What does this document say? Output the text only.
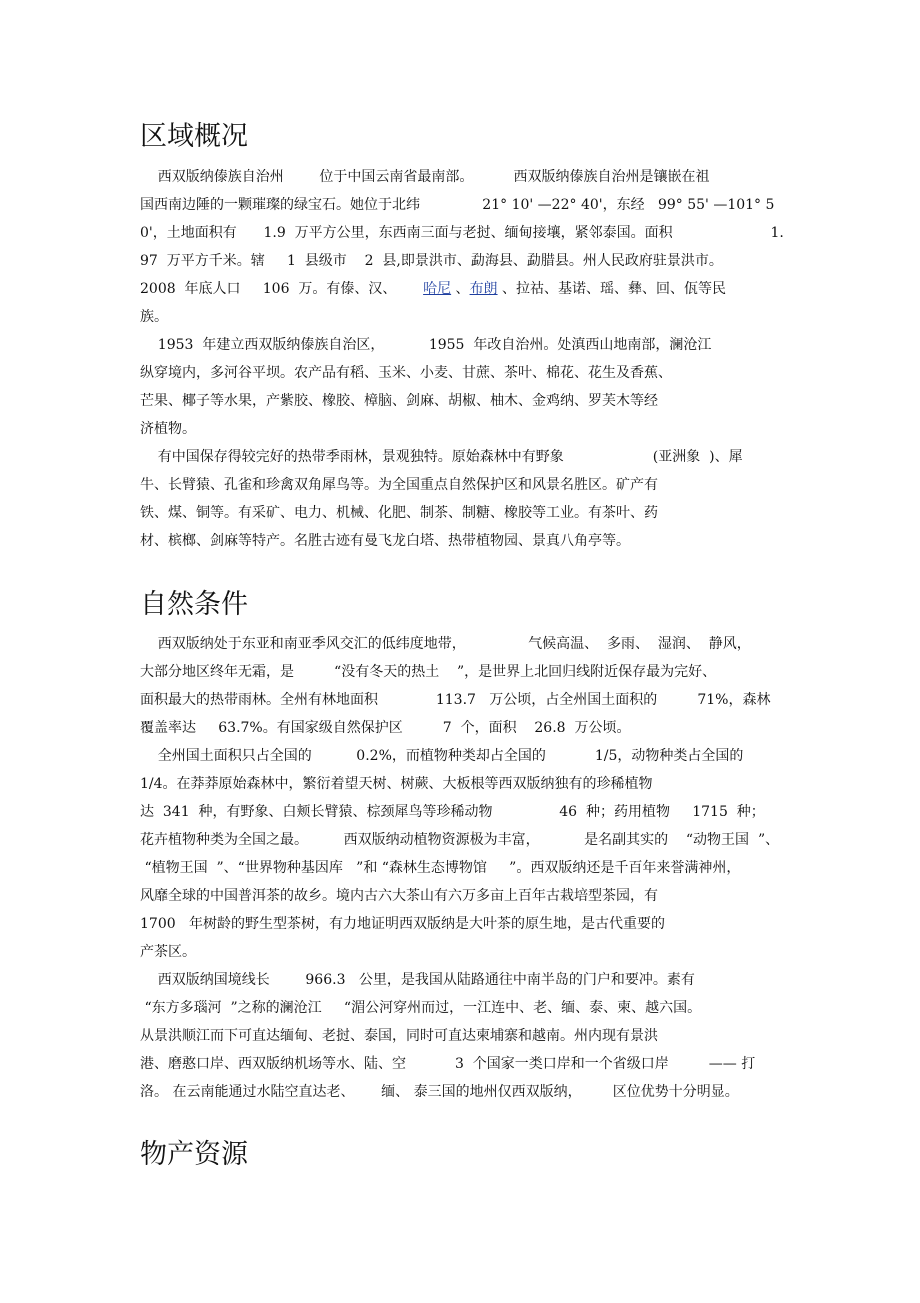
区域概况

西双版纳傣族自治州        位于中国云南省最南部。         西双版纳傣族自治州是镶嵌在祖

国西南边陲的一颗璀璨的绿宝石。她位于北纬              21° 10' —22° 40'，东经   99° 55' —101° 5

0'，土地面积有      1.9  万平方公里，东西南三面与老挝、缅甸接壤，紧邻泰国。面积                      1.

97  万平方千米。辖     1  县级市    2  县,即景洪市、勐海县、勐腊县。州人民政府驻景洪市。

2008  年底人口     106  万。有傣、汉、      哈尼 、布朗 、拉祜、基诺、瑶、彝、回、佤等民

族。

1953  年建立西双版纳傣族自治区，          1955  年改自治州。处滇西山地南部，澜沧江

纵穿境内，多河谷平坝。农产品有稻、玉米、小麦、甘蔗、茶叶、棉花、花生及香蕉、

芒果、椰子等水果，产紫胶、橡胶、樟脑、剑麻、胡椒、柚木、金鸡纳、罗芙木等经

济植物。

有中国保存得较完好的热带季雨林，景观独特。原始森林中有野象                    (亚洲象  )、犀

牛、长臂猿、孔雀和珍禽双角犀鸟等。为全国重点自然保护区和风景名胜区。矿产有

铁、煤、铜等。有采矿、电力、机械、化肥、制茶、制糖、橡胶等工业。有茶叶、药

材、槟榔、剑麻等特产。名胜古迹有曼飞龙白塔、热带植物园、景真八角亭等。

自然条件

西双版纳处于东亚和南亚季风交汇的低纬度地带，              气候高温、  多雨、  湿润、  静风，

大部分地区终年无霜，是         “没有冬天的热土    ”，是世界上北回归线附近保存最为完好、

面积最大的热带雨林。全州有林地面积             113.7   万公顷，占全州国土面积的         71%，森林

覆盖率达     63.7%。有国家级自然保护区         7  个，面积    26.8  万公顷。

全州国土面积只占全国的          0.2%，而植物种类却占全国的           1/5，动物种类占全国的

1/4。在莽莽原始森林中，繁衍着望天树、树蕨、大板根等西双版纳独有的珍稀植物

达  341  种，有野象、白颊长臂猿、棕颈犀鸟等珍稀动物               46  种；药用植物     1715  种；

花卉植物种类为全国之最。        西双版纳动植物资源极为丰富，          是名副其实的    “动物王国  ”、

“植物王国  ”、“世界物种基因库   ”和 “森林生态博物馆     ”。西双版纳还是千百年来誉满神州，

风靡全球的中国普洱茶的故乡。境内古六大茶山有六万多亩上百年古栽培型茶园，有

1700   年树龄的野生型茶树，有力地证明西双版纳是大叶茶的原生地，是古代重要的

产茶区。

西双版纳国境线长        966.3   公里，是我国从陆路通往中南半岛的门户和要冲。素有

“东方多瑙河  ”之称的澜沧江     “湄公河穿州而过，一江连中、老、缅、泰、柬、越六国。

从景洪顺江而下可直达缅甸、老挝、泰国，同时可直达柬埔寨和越南。州内现有景洪

港、磨憨口岸、西双版纳机场等水、陆、空           3  个国家一类口岸和一个省级口岸         —— 打

洛。 在云南能通过水陆空直达老、      缅、 泰三国的地州仅西双版纳，       区位优势十分明显。

物产资源
